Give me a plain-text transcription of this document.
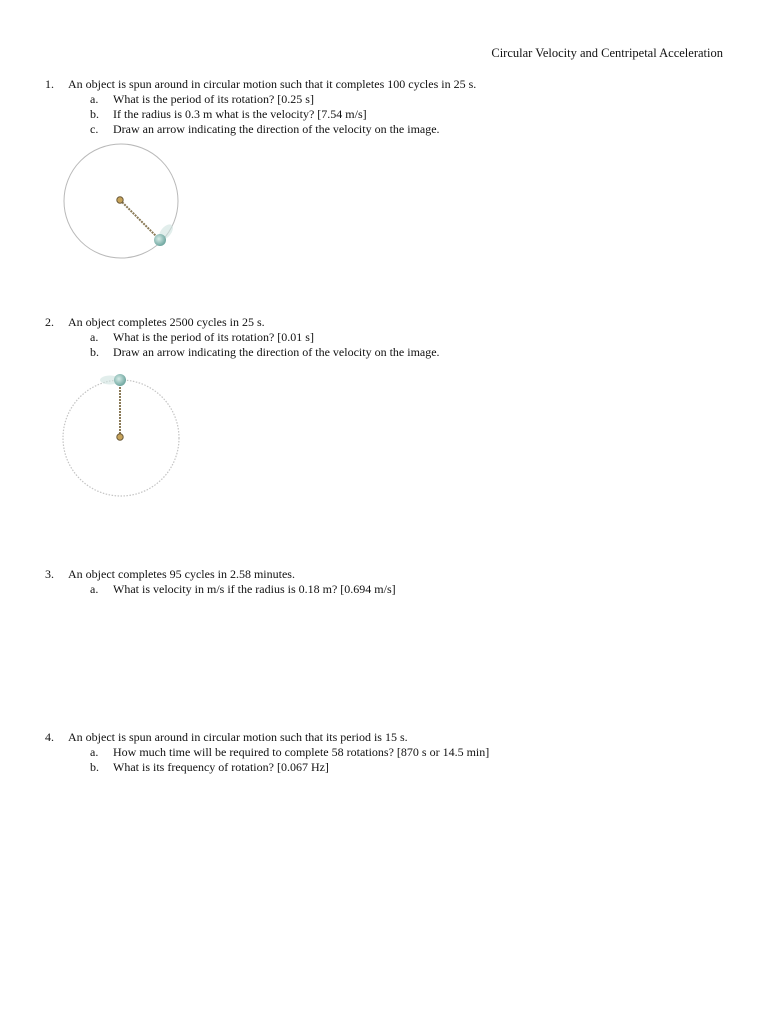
Circular Velocity and Centripetal Acceleration
1.	An object is spun around in circular motion such that it completes 100 cycles in 25 s.
a.	What is the period of its rotation? [0.25 s]
b.	If the radius is 0.3 m what is the velocity? [7.54 m/s]
c.	Draw an arrow indicating the direction of the velocity on the image.
2.	An object completes 2500 cycles in 25 s.
a.	What is the period of its rotation? [0.01 s]
b.	Draw an arrow indicating the direction of the velocity on the image.
3.	An object completes 95 cycles in 2.58 minutes.
a.	What is velocity in m/s if the radius is 0.18 m? [0.694 m/s]
4.	An object is spun around in circular motion such that its period is 15 s.
a.	How much time will be required to complete 58 rotations? [870 s or 14.5 min]
b.	What is its frequency of rotation? [0.067 Hz]
